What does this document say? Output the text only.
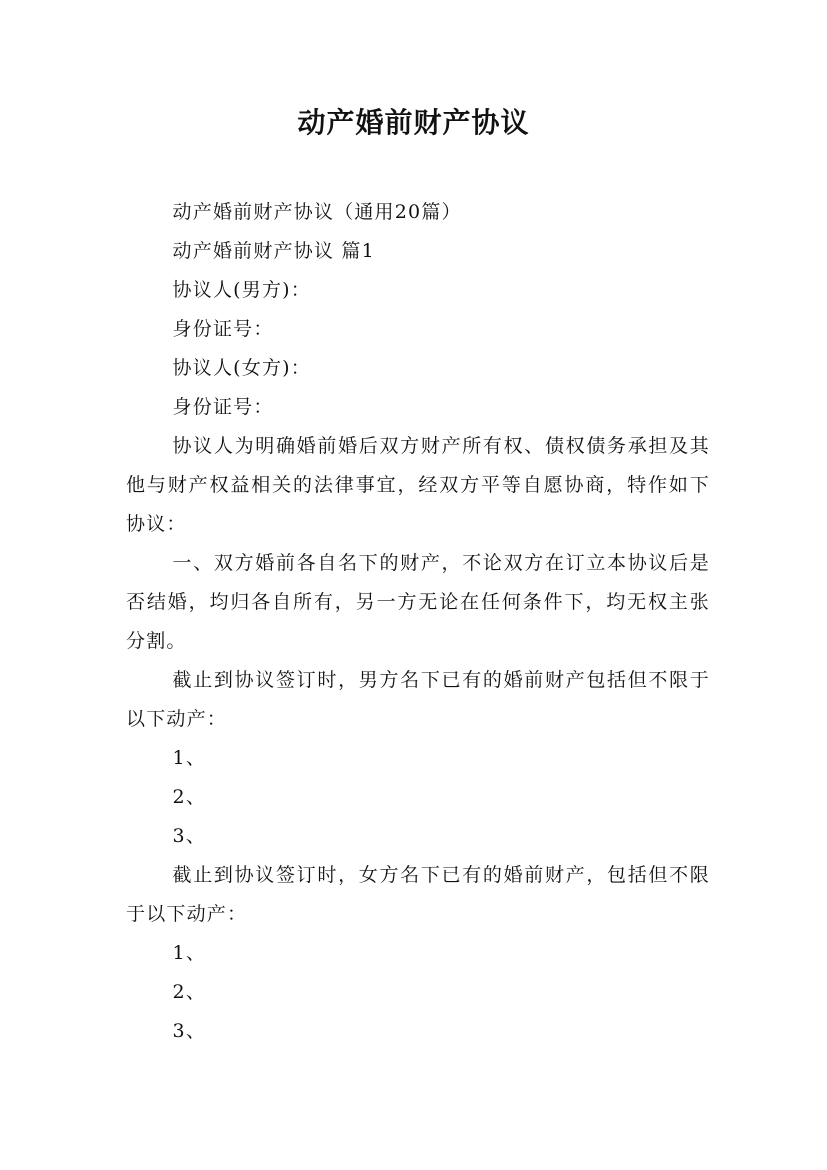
动产婚前财产协议

动产婚前财产协议（通用20篇）

动产婚前财产协议 篇1

协议人(男方)：

身份证号：

协议人(女方)：

身份证号：

协议人为明确婚前婚后双方财产所有权、债权债务承担及其他与财产权益相关的法律事宜，经双方平等自愿协商，特作如下协议：

一、双方婚前各自名下的财产，不论双方在订立本协议后是否结婚，均归各自所有，另一方无论在任何条件下，均无权主张分割。

截止到协议签订时，男方名下已有的婚前财产包括但不限于以下动产：

1、

2、

3、

截止到协议签订时，女方名下已有的婚前财产，包括但不限于以下动产：

1、

2、

3、
